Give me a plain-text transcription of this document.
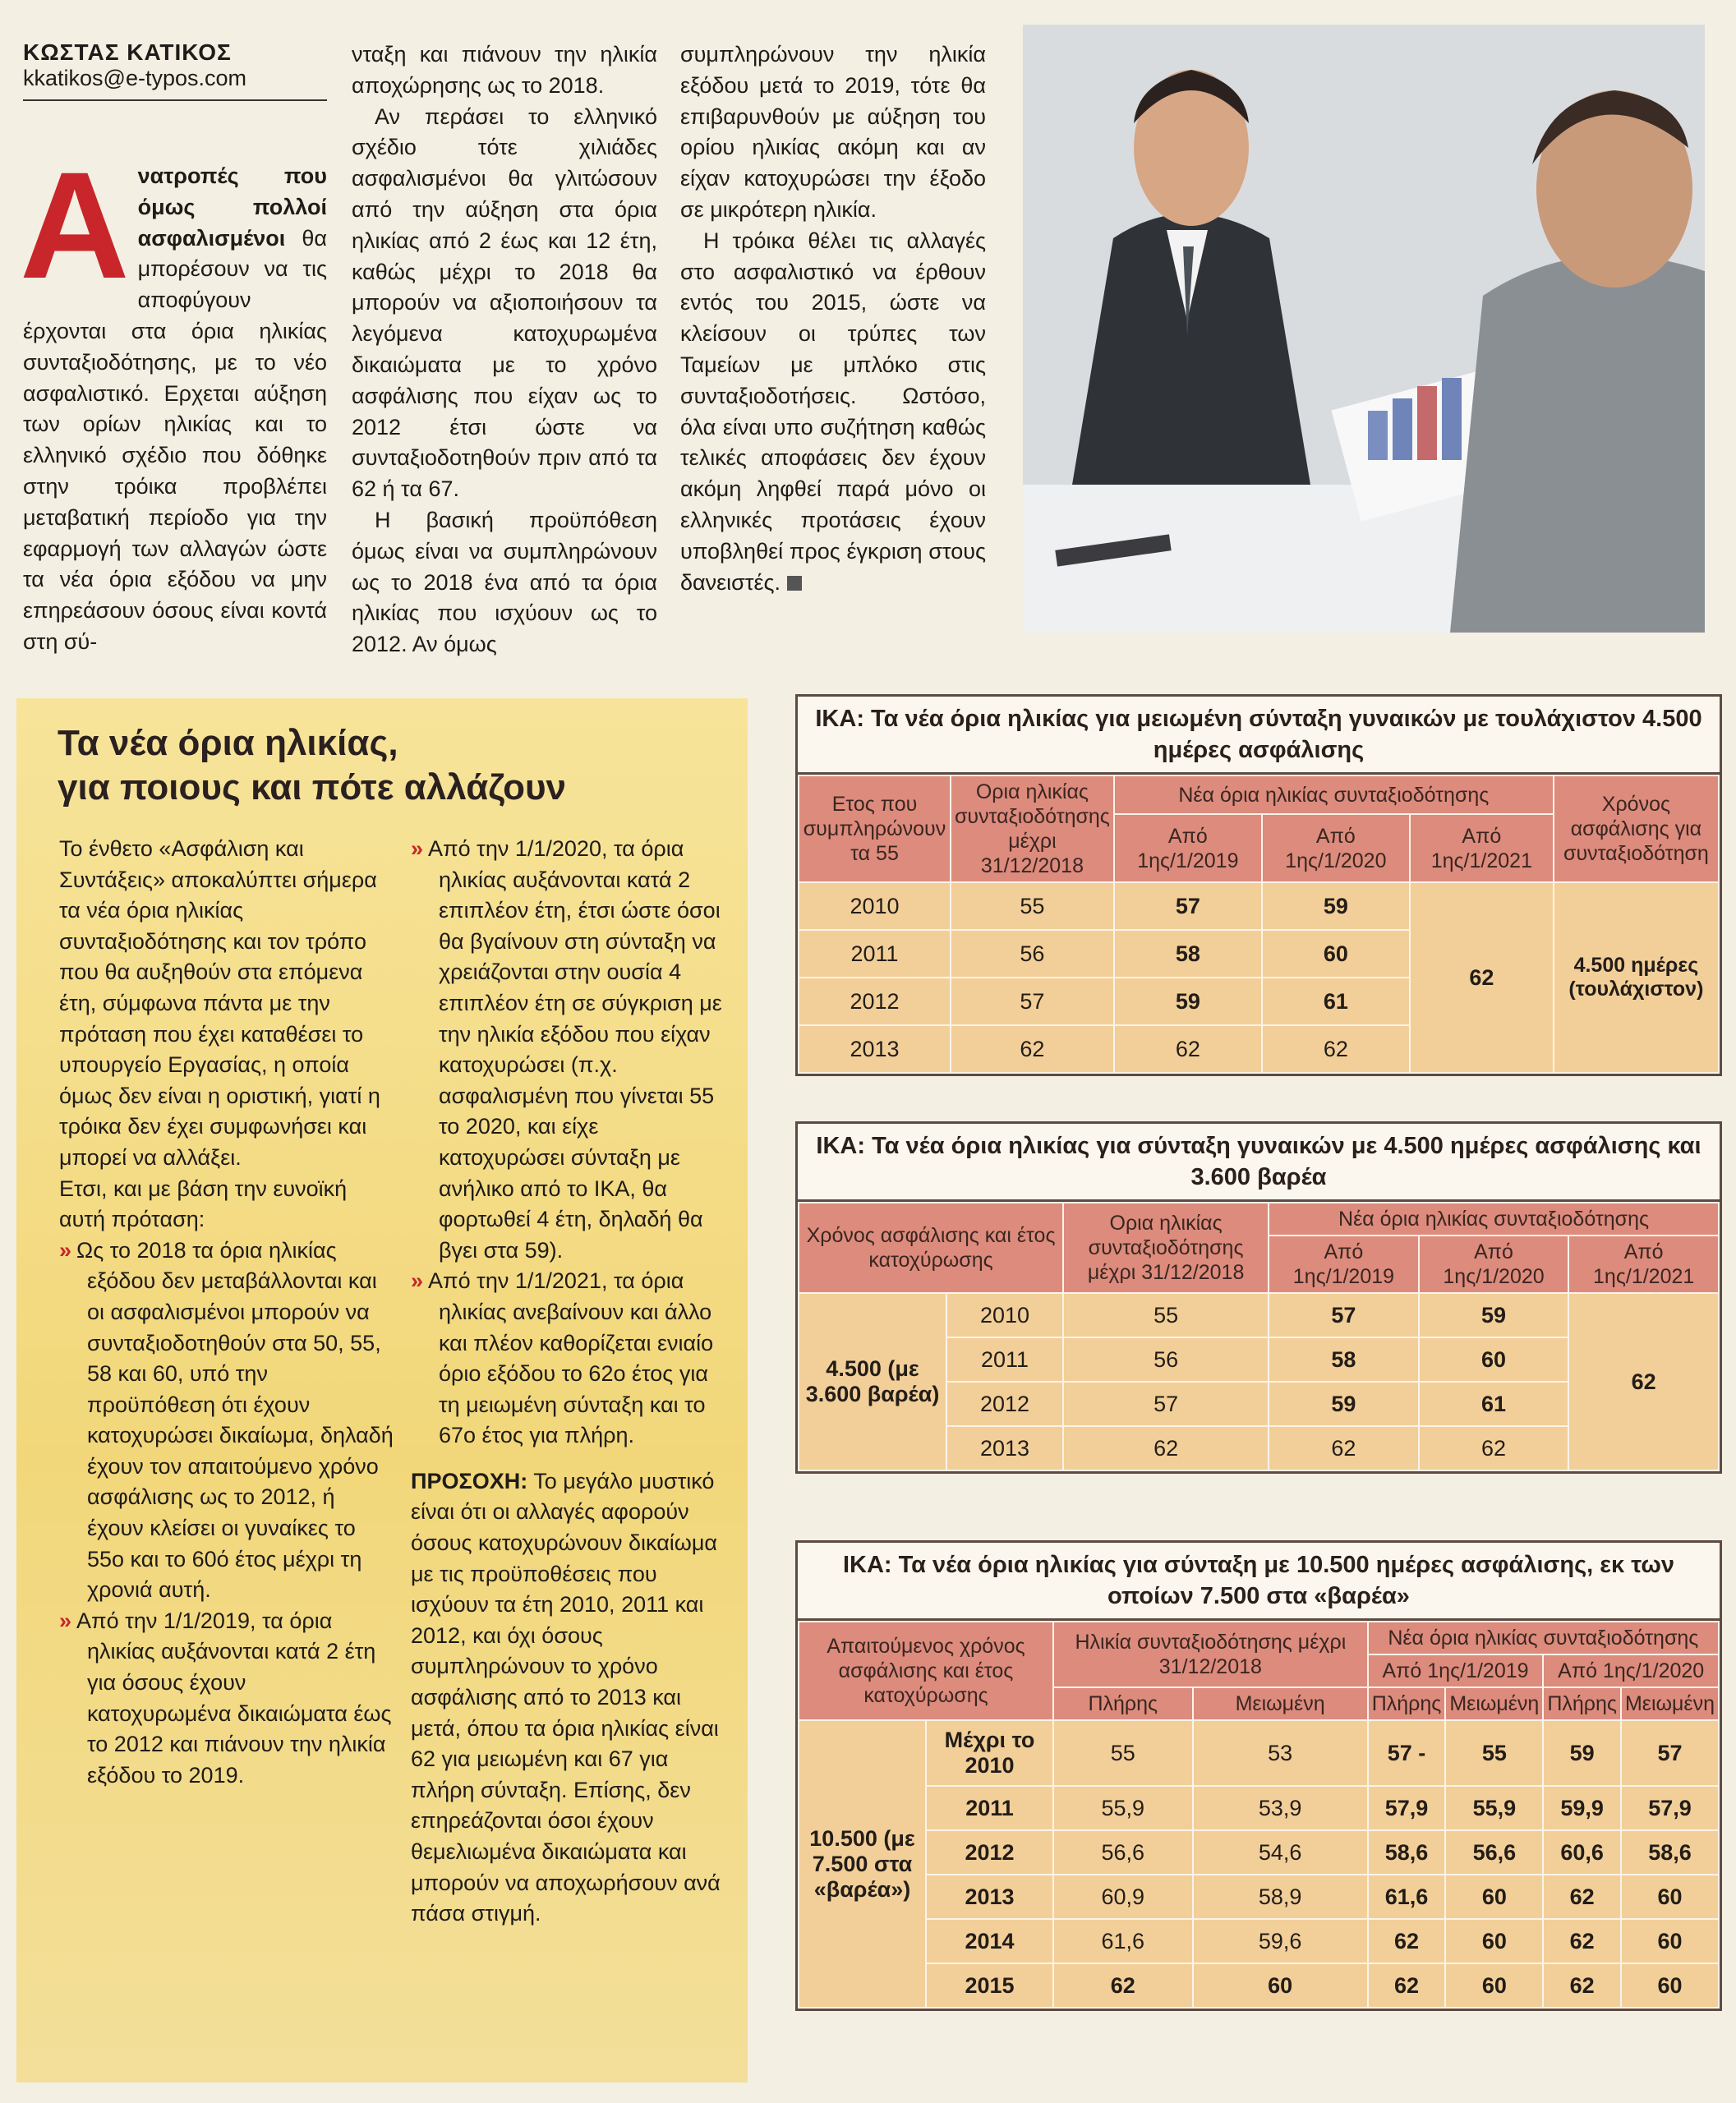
ΚΩΣΤΑΣ ΚΑΤΙΚΟΣ
kkatikos@e-typos.com
Α νατροπές που όμως πολλοί ασφαλισμένοι θα μπορέσουν να τις αποφύγουν έρχονται στα όρια ηλικίας συνταξιοδότησης, με το νέο ασφαλιστικό. Ερχεται αύξηση των ορίων ηλικίας και το ελληνικό σχέδιο που δόθηκε στην τρόικα προβλέπει μεταβατική περίοδο για την εφαρμογή των αλλαγών ώστε τα νέα όρια εξόδου να μην επηρεάσουν όσους είναι κοντά στη σύ-

νταξη και πιάνουν την ηλικία αποχώρησης ως το 2018.

Αν περάσει το ελληνικό σχέδιο τότε χιλιάδες ασφαλισμένοι θα γλιτώσουν από την αύξηση στα όρια ηλικίας από 2 έως και 12 έτη, καθώς μέχρι το 2018 θα μπορούν να αξιοποιήσουν τα λεγόμενα κατοχυρωμένα δικαιώματα με το χρόνο ασφάλισης που είχαν ως το 2012 έτσι ώστε να συνταξιοδοτηθούν πριν από τα 62 ή τα 67.

Η βασική προϋπόθεση όμως είναι να συμπληρώνουν ως το 2018 ένα από τα όρια ηλικίας που ισχύουν ως το 2012. Αν όμως

συμπληρώνουν την ηλικία εξόδου μετά το 2019, τότε θα επιβαρυνθούν με αύξηση του ορίου ηλικίας ακόμη και αν είχαν κατοχυρώσει την έξοδο σε μικρότερη ηλικία.

Η τρόικα θέλει τις αλλαγές στο ασφαλιστικό να έρθουν εντός του 2015, ώστε να κλείσουν οι τρύπες των Ταμείων με μπλόκο στις συνταξιοδοτήσεις. Ωστόσο, όλα είναι υπο συζήτηση καθώς τελικές αποφάσεις δεν έχουν ακόμη ληφθεί παρά μόνο οι ελληνικές προτάσεις έχουν υποβληθεί προς έγκριση στους δανειστές.

Τα νέα όρια ηλικίας,
για ποιους και πότε αλλάζουν

Το ένθετο «Ασφάλιση και Συντάξεις» αποκαλύπτει σήμερα τα νέα όρια ηλικίας συνταξιοδότησης και τον τρόπο που θα αυξηθούν στα επόμενα έτη, σύμφωνα πάντα με την πρόταση που έχει καταθέσει το υπουργείο Εργασίας, η οποία όμως δεν είναι η οριστική, γιατί η τρόικα δεν έχει συμφωνήσει και μπορεί να αλλάξει.

Ετσι, και με βάση την ευνοϊκή αυτή πρόταση:

» Ως το 2018 τα όρια ηλικίας εξόδου δεν μεταβάλλονται και οι ασφαλισμένοι μπορούν να συνταξιοδοτηθούν στα 50, 55, 58 και 60, υπό την προϋπόθεση ότι έχουν κατοχυρώσει δικαίωμα, δηλαδή έχουν τον απαιτούμενο χρόνο ασφάλισης ως το 2012, ή έχουν κλείσει οι γυναίκες το 55ο και το 60ό έτος μέχρι τη χρονιά αυτή.

» Από την 1/1/2019, τα όρια ηλικίας αυξάνονται κατά 2 έτη για όσους έχουν κατοχυρωμένα δικαιώματα έως το 2012 και πιάνουν την ηλικία εξόδου το 2019.

» Από την 1/1/2020, τα όρια ηλικίας αυξάνονται κατά 2 επιπλέον έτη, έτσι ώστε όσοι θα βγαίνουν στη σύνταξη να χρειάζονται στην ουσία 4 επιπλέον έτη σε σύγκριση με την ηλικία εξόδου που είχαν κατοχυρώσει (π.χ. ασφαλισμένη που γίνεται 55 το 2020, και είχε κατοχυρώσει σύνταξη με ανήλικο από το ΙΚΑ, θα φορτωθεί 4 έτη, δηλαδή θα βγει στα 59).

» Από την 1/1/2021, τα όρια ηλικίας ανεβαίνουν και άλλο και πλέον καθορίζεται ενιαίο όριο εξόδου το 62ο έτος για τη μειωμένη σύνταξη και το 67ο έτος για πλήρη.

ΠΡΟΣΟΧΗ: Το μεγάλο μυστικό είναι ότι οι αλλαγές αφορούν όσους κατοχυρώνουν δικαίωμα με τις προϋποθέσεις που ισχύουν τα έτη 2010, 2011 και 2012, και όχι όσους συμπληρώνουν το χρόνο ασφάλισης από το 2013 και μετά, όπου τα όρια ηλικίας είναι 62 για μειωμένη και 67 για πλήρη σύνταξη. Επίσης, δεν επηρεάζονται όσοι έχουν θεμελιωμένα δικαιώματα και μπορούν να αποχωρήσουν ανά πάσα στιγμή.

ΙΚΑ: Τα νέα όρια ηλικίας για μειωμένη σύνταξη γυναικών με τουλάχιστον 4.500 ημέρες ασφάλισης
Ετος που συμπληρώνουν τα 55	Ορια ηλικίας συνταξιοδότησης μέχρι 31/12/2018	Νέα όρια ηλικίας συνταξιοδότησης			Χρόνος ασφάλισης για συνταξιοδότηση
		Από 1ης/1/2019	Από 1ης/1/2020	Από 1ης/1/2021	
2010	55	57	59	62	4.500 ημέρες (τουλάχιστον)
2011	56	58	60		
2012	57	59	61		
2013	62	62	62		
ΙΚΑ: Τα νέα όρια ηλικίας για σύνταξη γυναικών με 4.500 ημέρες ασφάλισης και 3.600 βαρέα
Χρόνος ασφάλισης και έτος κατοχύρωσης		Ορια ηλικίας συνταξιοδότησης μέχρι 31/12/2018	Νέα όρια ηλικίας συνταξιοδότησης		
			Από 1ης/1/2019	Από 1ης/1/2020	Από 1ης/1/2021
4.500 (με 3.600 βαρέα)	2010	55	57	59	62
	2011	56	58	60	
	2012	57	59	61	
	2013	62	62	62	
ΙΚΑ: Τα νέα όρια ηλικίας για σύνταξη με 10.500 ημέρες ασφάλισης, εκ των οποίων 7.500 στα «βαρέα»
Απαιτούμενος χρόνος ασφάλισης και έτος κατοχύρωσης		Ηλικία συνταξιοδότησης μέχρι 31/12/2018		Νέα όρια ηλικίας συνταξιοδότησης			
				Από 1ης/1/2019		Από 1ης/1/2020	
		Πλήρης	Μειωμένη	Πλήρης	Μειωμένη	Πλήρης	Μειωμένη
10.500 (με 7.500 στα «βαρέα»)	Μέχρι το 2010	55	53	57 -	55	59	57
	2011	55,9	53,9	57,9	55,9	59,9	57,9
	2012	56,6	54,6	58,6	56,6	60,6	58,6
	2013	60,9	58,9	61,6	60	62	60
	2014	61,6	59,6	62	60	62	60
	2015	62	60	62	60	62	60
